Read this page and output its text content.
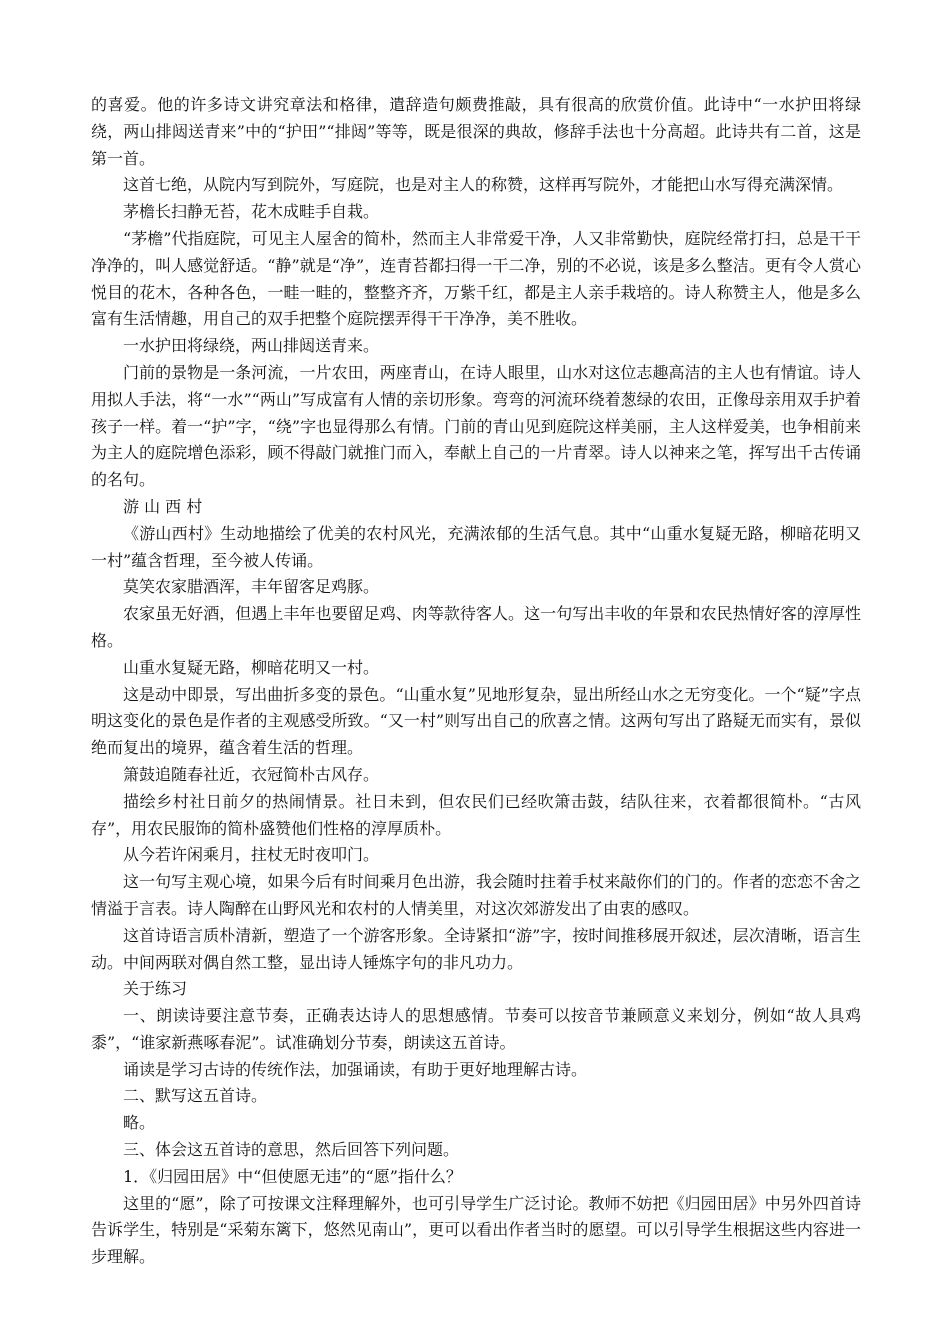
的喜爱。他的许多诗文讲究章法和格律，遣辞造句颇费推敲，具有很高的欣赏价值。此诗中“一水护田将绿绕，两山排闼送青来”中的“护田”“排闼”等等，既是很深的典故，修辞手法也十分高超。此诗共有二首，这是第一首。

这首七绝，从院内写到院外，写庭院，也是对主人的称赞，这样再写院外，才能把山水写得充满深情。

茅檐长扫静无苔，花木成畦手自栽。

“茅檐”代指庭院，可见主人屋舍的简朴，然而主人非常爱干净，人又非常勤快，庭院经常打扫，总是干干净净的，叫人感觉舒适。“静”就是“净”，连青苔都扫得一干二净，别的不必说，该是多么整洁。更有令人赏心悦目的花木，各种各色，一畦一畦的，整整齐齐，万紫千红，都是主人亲手栽培的。诗人称赞主人，他是多么富有生活情趣，用自己的双手把整个庭院摆弄得干干净净，美不胜收。

一水护田将绿绕，两山排闼送青来。

门前的景物是一条河流，一片农田，两座青山，在诗人眼里，山水对这位志趣高洁的主人也有情谊。诗人用拟人手法，将“一水”“两山”写成富有人情的亲切形象。弯弯的河流环绕着葱绿的农田，正像母亲用双手护着孩子一样。着一“护”字，“绕”字也显得那么有情。门前的青山见到庭院这样美丽，主人这样爱美，也争相前来为主人的庭院增色添彩，顾不得敲门就推门而入，奉献上自己的一片青翠。诗人以神来之笔，挥写出千古传诵的名句。

游 山 西 村

《游山西村》生动地描绘了优美的农村风光，充满浓郁的生活气息。其中“山重水复疑无路，柳暗花明又一村”蕴含哲理，至今被人传诵。

莫笑农家腊酒浑，丰年留客足鸡豚。

农家虽无好酒，但遇上丰年也要留足鸡、肉等款待客人。这一句写出丰收的年景和农民热情好客的淳厚性格。

山重水复疑无路，柳暗花明又一村。

这是动中即景，写出曲折多变的景色。“山重水复”见地形复杂，显出所经山水之无穷变化。一个“疑”字点明这变化的景色是作者的主观感受所致。“又一村”则写出自己的欣喜之情。这两句写出了路疑无而实有，景似绝而复出的境界，蕴含着生活的哲理。

箫鼓追随春社近，衣冠简朴古风存。

描绘乡村社日前夕的热闹情景。社日未到，但农民们已经吹箫击鼓，结队往来，衣着都很简朴。“古风存”，用农民服饰的简朴盛赞他们性格的淳厚质朴。

从今若许闲乘月，拄杖无时夜叩门。

这一句写主观心境，如果今后有时间乘月色出游，我会随时拄着手杖来敲你们的门的。作者的恋恋不舍之情溢于言表。诗人陶醉在山野风光和农村的人情美里，对这次郊游发出了由衷的感叹。

这首诗语言质朴清新，塑造了一个游客形象。全诗紧扣“游”字，按时间推移展开叙述，层次清晰，语言生动。中间两联对偶自然工整，显出诗人锤炼字句的非凡功力。

关于练习

一、朗读诗要注意节奏，正确表达诗人的思想感情。节奏可以按音节兼顾意义来划分，例如“故人具鸡黍”，“谁家新燕啄春泥”。试准确划分节奏，朗读这五首诗。

诵读是学习古诗的传统作法，加强诵读，有助于更好地理解古诗。

二、默写这五首诗。

略。

三、体会这五首诗的意思，然后回答下列问题。

1．《归园田居》中“但使愿无违”的“愿”指什么？

这里的“愿”，除了可按课文注释理解外，也可引导学生广泛讨论。教师不妨把《归园田居》中另外四首诗告诉学生，特别是“采菊东篱下，悠然见南山”，更可以看出作者当时的愿望。可以引导学生根据这些内容进一步理解。
